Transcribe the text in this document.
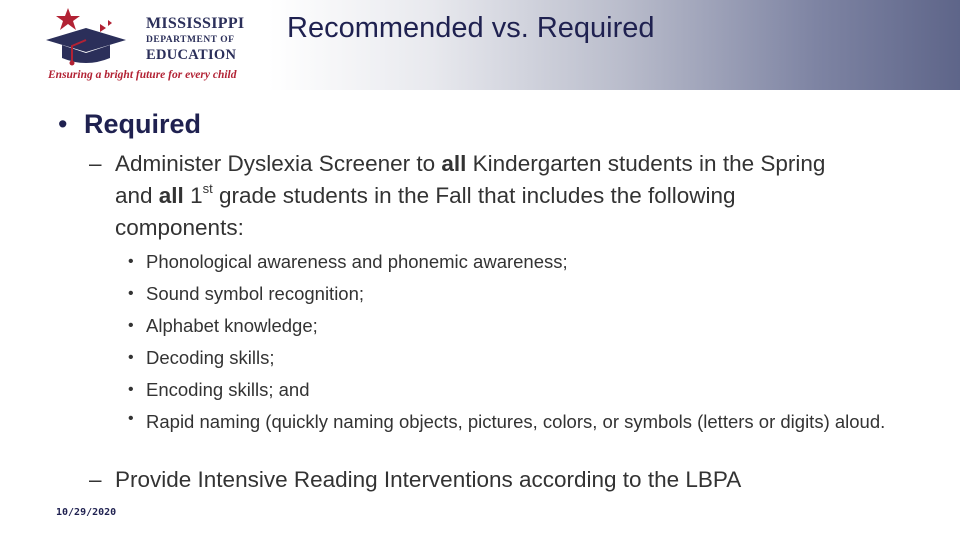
MISSISSIPPI
DEPARTMENT OF
EDUCATION
Ensuring a bright future for every child
Recommended vs. Required
• Required
– Administer Dyslexia Screener to all Kindergarten students in the Spring and all 1st grade students in the Fall that includes the following components:
• Phonological awareness and phonemic awareness;
• Sound symbol recognition;
• Alphabet knowledge;
• Decoding skills;
• Encoding skills; and
• Rapid naming (quickly naming objects, pictures, colors, or symbols (letters or digits) aloud.
– Provide Intensive Reading Interventions according to the LBPA
10/29/2020
